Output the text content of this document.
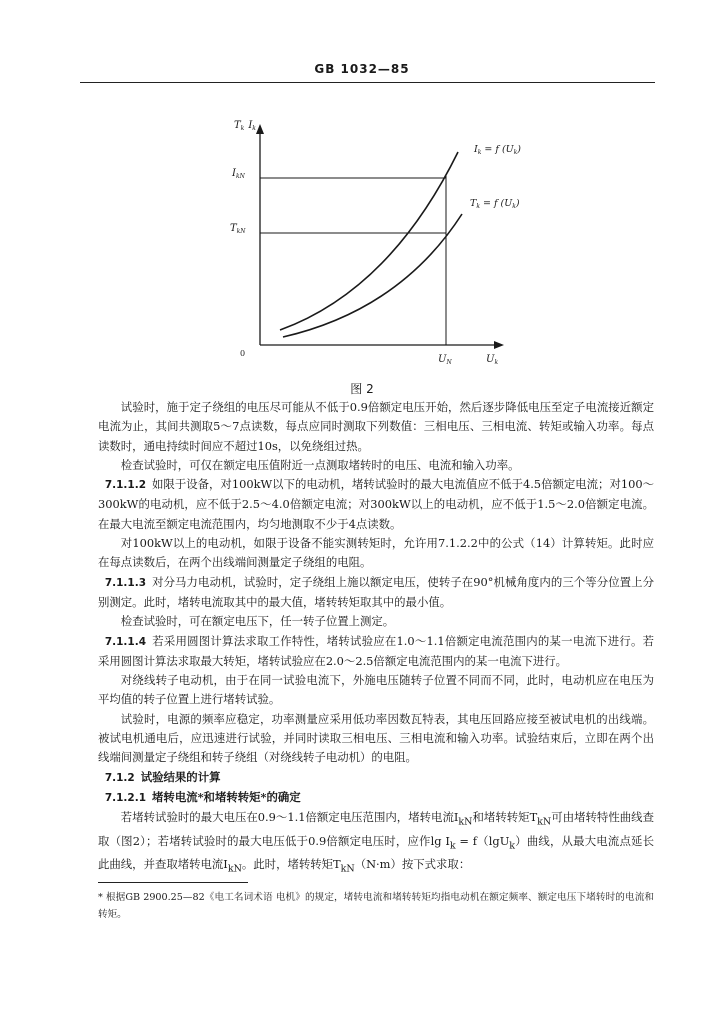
GB 1032—85
$T_k$ $I_k$
$I_{kN}$
$T_{kN}$
0
$U_N$	$U_k$
$I_k = f$ $(U_k)$
$T_k = f$ $(U_k)$
图 2

试验时，施于定子绕组的电压尽可能从不低于0.9倍额定电压开始，然后逐步降低电压至定子电流接近额定电流为止，其间共测取5～7点读数，每点应同时测取下列数值：三相电压、三相电流、转矩或输入功率。每点读数时，通电持续时间应不超过10s，以免绕组过热。

检查试验时，可仅在额定电压值附近一点测取堵转时的电压、电流和输入功率。

7.1.1.2 如限于设备，对100kW以下的电动机，堵转试验时的最大电流值应不低于4.5倍额定电流；对100～300kW的电动机，应不低于2.5～4.0倍额定电流；对300kW以上的电动机，应不低于1.5～2.0倍额定电流。在最大电流至额定电流范围内，均匀地测取不少于4点读数。

对100kW以上的电动机，如限于设备不能实测转矩时，允许用7.1.2.2中的公式（14）计算转矩。此时应在每点读数后，在两个出线端间测量定子绕组的电阻。

7.1.1.3 对分马力电动机，试验时，定子绕组上施以额定电压，使转子在90°机械角度内的三个等分位置上分别测定。此时，堵转电流取其中的最大值，堵转转矩取其中的最小值。

检查试验时，可在额定电压下，任一转子位置上测定。

7.1.1.4 若采用圆图计算法求取工作特性，堵转试验应在1.0～1.1倍额定电流范围内的某一电流下进行。若采用圆图计算法求取最大转矩，堵转试验应在2.0～2.5倍额定电流范围内的某一电流下进行。

对绕线转子电动机，由于在同一试验电流下，外施电压随转子位置不同而不同，此时，电动机应在电压为平均值的转子位置上进行堵转试验。

试验时，电源的频率应稳定，功率测量应采用低功率因数瓦特表，其电压回路应接至被试电机的出线端。被试电机通电后，应迅速进行试验，并同时读取三相电压、三相电流和输入功率。试验结束后，立即在两个出线端间测量定子绕组和转子绕组（对绕线转子电动机）的电阻。

7.1.2 试验结果的计算

7.1.2.1 堵转电流*和堵转转矩*的确定

若堵转试验时的最大电压在0.9～1.1倍额定电压范围内，堵转电流$I_{kN}$和堵转转矩$T_{kN}$可由堵转特性曲线查取（图2）；若堵转试验时的最大电压低于0.9倍额定电压时，应作$\lg I_k = f(\lg U_k)$曲线，从最大电流点延长此曲线，并查取堵转电流$I_{kN}$。此时，堵转转矩$T_{kN}(N\cdot m)$按下式求取：

* 根据GB 2900.25—82《电工名词术语 电机》的规定，堵转电流和堵转转矩均指电动机在额定频率、额定电压下堵转时的电流和转矩。
